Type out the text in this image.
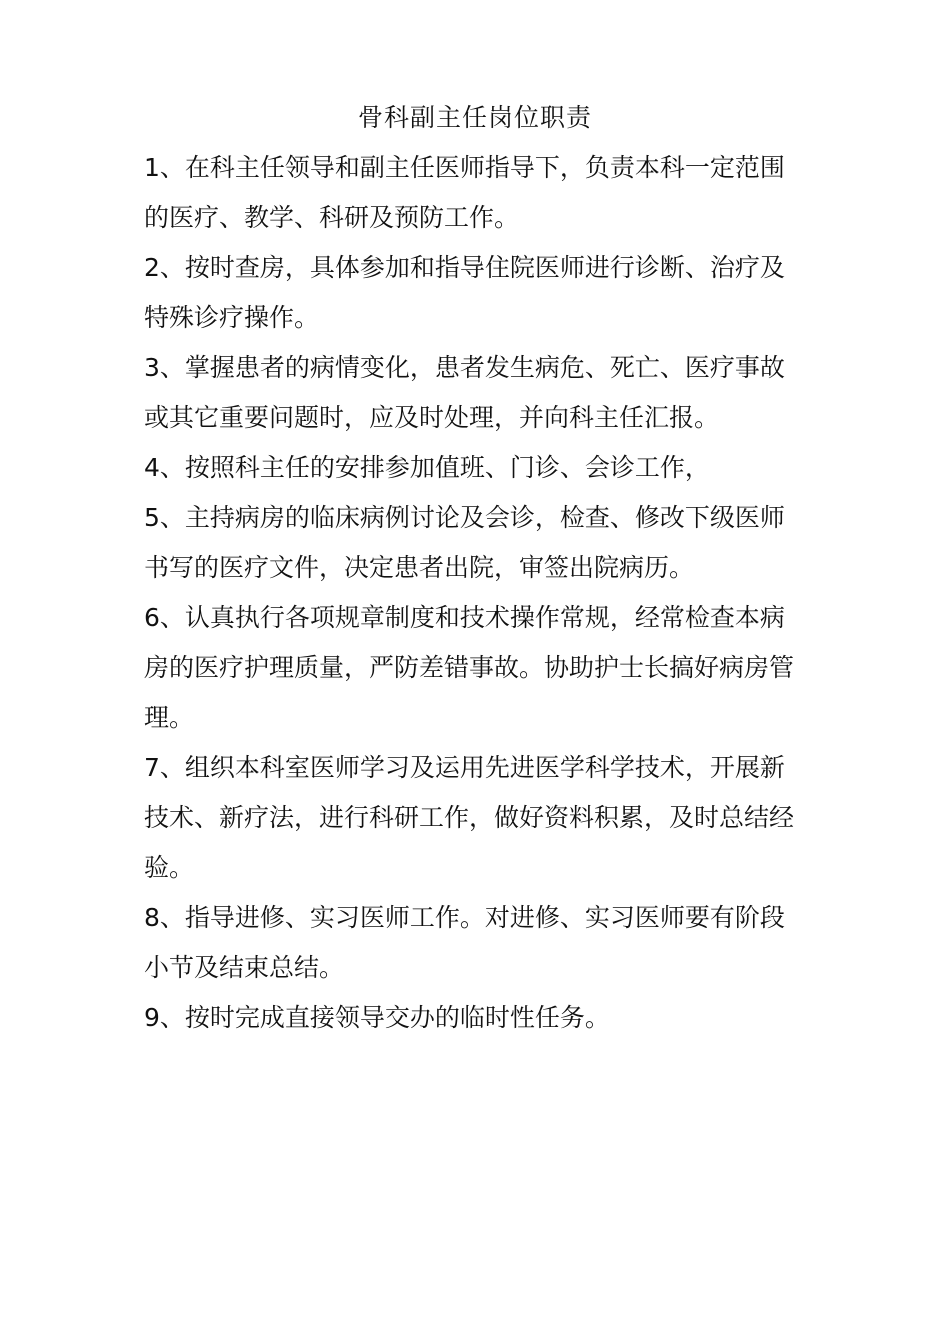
骨科副主任岗位职责

1、在科主任领导和副主任医师指导下，负责本科一定范围
的医疗、教学、科研及预防工作。

2、按时查房，具体参加和指导住院医师进行诊断、治疗及
特殊诊疗操作。

3、掌握患者的病情变化，患者发生病危、死亡、医疗事故
或其它重要问题时，应及时处理，并向科主任汇报。

4、按照科主任的安排参加值班、门诊、会诊工作，

5、主持病房的临床病例讨论及会诊，检查、修改下级医师
书写的医疗文件，决定患者出院，审签出院病历。

6、认真执行各项规章制度和技术操作常规，经常检查本病
房的医疗护理质量，严防差错事故。协助护士长搞好病房管
理。

7、组织本科室医师学习及运用先进医学科学技术，开展新
技术、新疗法，进行科研工作，做好资料积累，及时总结经
验。

8、指导进修、实习医师工作。对进修、实习医师要有阶段
小节及结束总结。

9、按时完成直接领导交办的临时性任务。
